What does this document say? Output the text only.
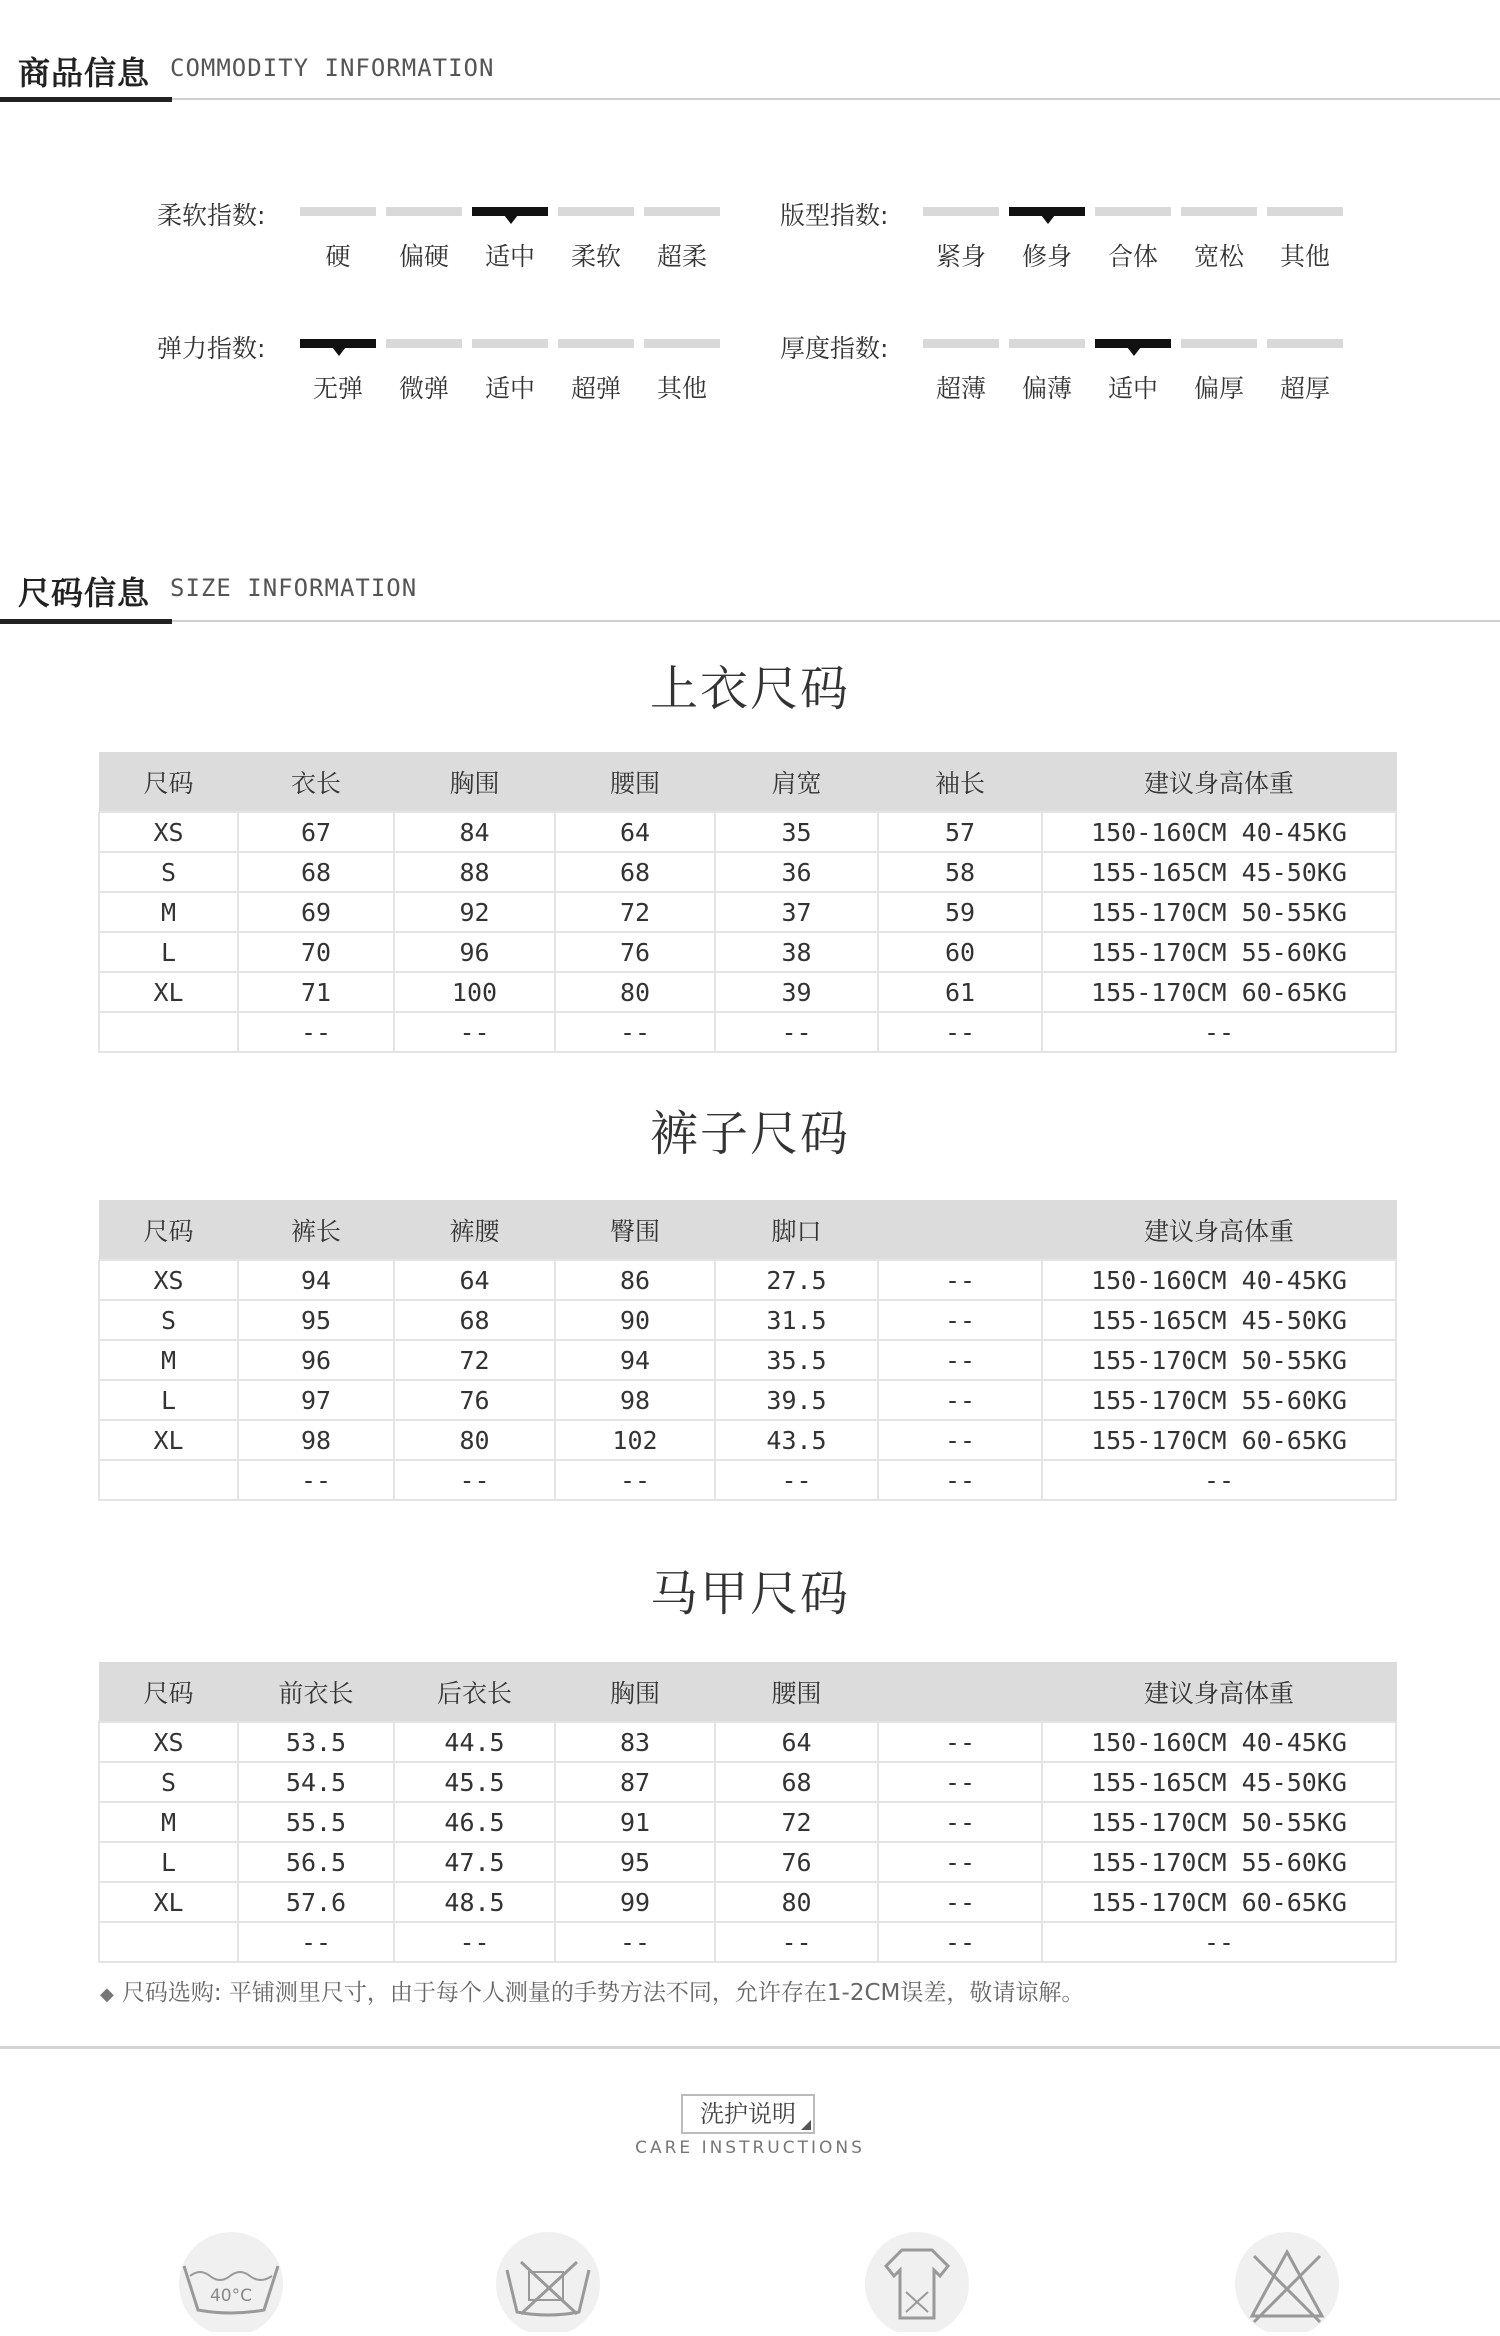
商品信息 COMMODITY INFORMATION
柔软指数:
硬	偏硬	适中	柔软	超柔
版型指数:
紧身	修身	合体	宽松	其他
弹力指数:
无弹	微弹	适中	超弹	其他
厚度指数:
超薄	偏薄	适中	偏厚	超厚
尺码信息 SIZE INFORMATION
上衣尺码
尺码	衣长	胸围	腰围	肩宽	袖长	建议身高体重
XS	67	84	64	35	57	150-160CM 40-45KG
S	68	88	68	36	58	155-165CM 45-50KG
M	69	92	72	37	59	155-170CM 50-55KG
L	70	96	76	38	60	155-170CM 55-60KG
XL	71	100	80	39	61	155-170CM 60-65KG
	--	--	--	--	--	--
裤子尺码
尺码	裤长	裤腰	臀围	脚口		建议身高体重
XS	94	64	86	27.5	--	150-160CM 40-45KG
S	95	68	90	31.5	--	155-165CM 45-50KG
M	96	72	94	35.5	--	155-170CM 50-55KG
L	97	76	98	39.5	--	155-170CM 55-60KG
XL	98	80	102	43.5	--	155-170CM 60-65KG
	--	--	--	--	--	--
马甲尺码
尺码	前衣长	后衣长	胸围	腰围		建议身高体重
XS	53.5	44.5	83	64	--	150-160CM 40-45KG
S	54.5	45.5	87	68	--	155-165CM 45-50KG
M	55.5	46.5	91	72	--	155-170CM 50-55KG
L	56.5	47.5	95	76	--	155-170CM 55-60KG
XL	57.6	48.5	99	80	--	155-170CM 60-65KG
	--	--	--	--	--	--
◆ 尺码选购: 平铺测里尺寸，由于每个人测量的手势方法不同，允许存在1-2CM误差，敬请谅解。
洗护说明
CARE INSTRUCTIONS
40°C
